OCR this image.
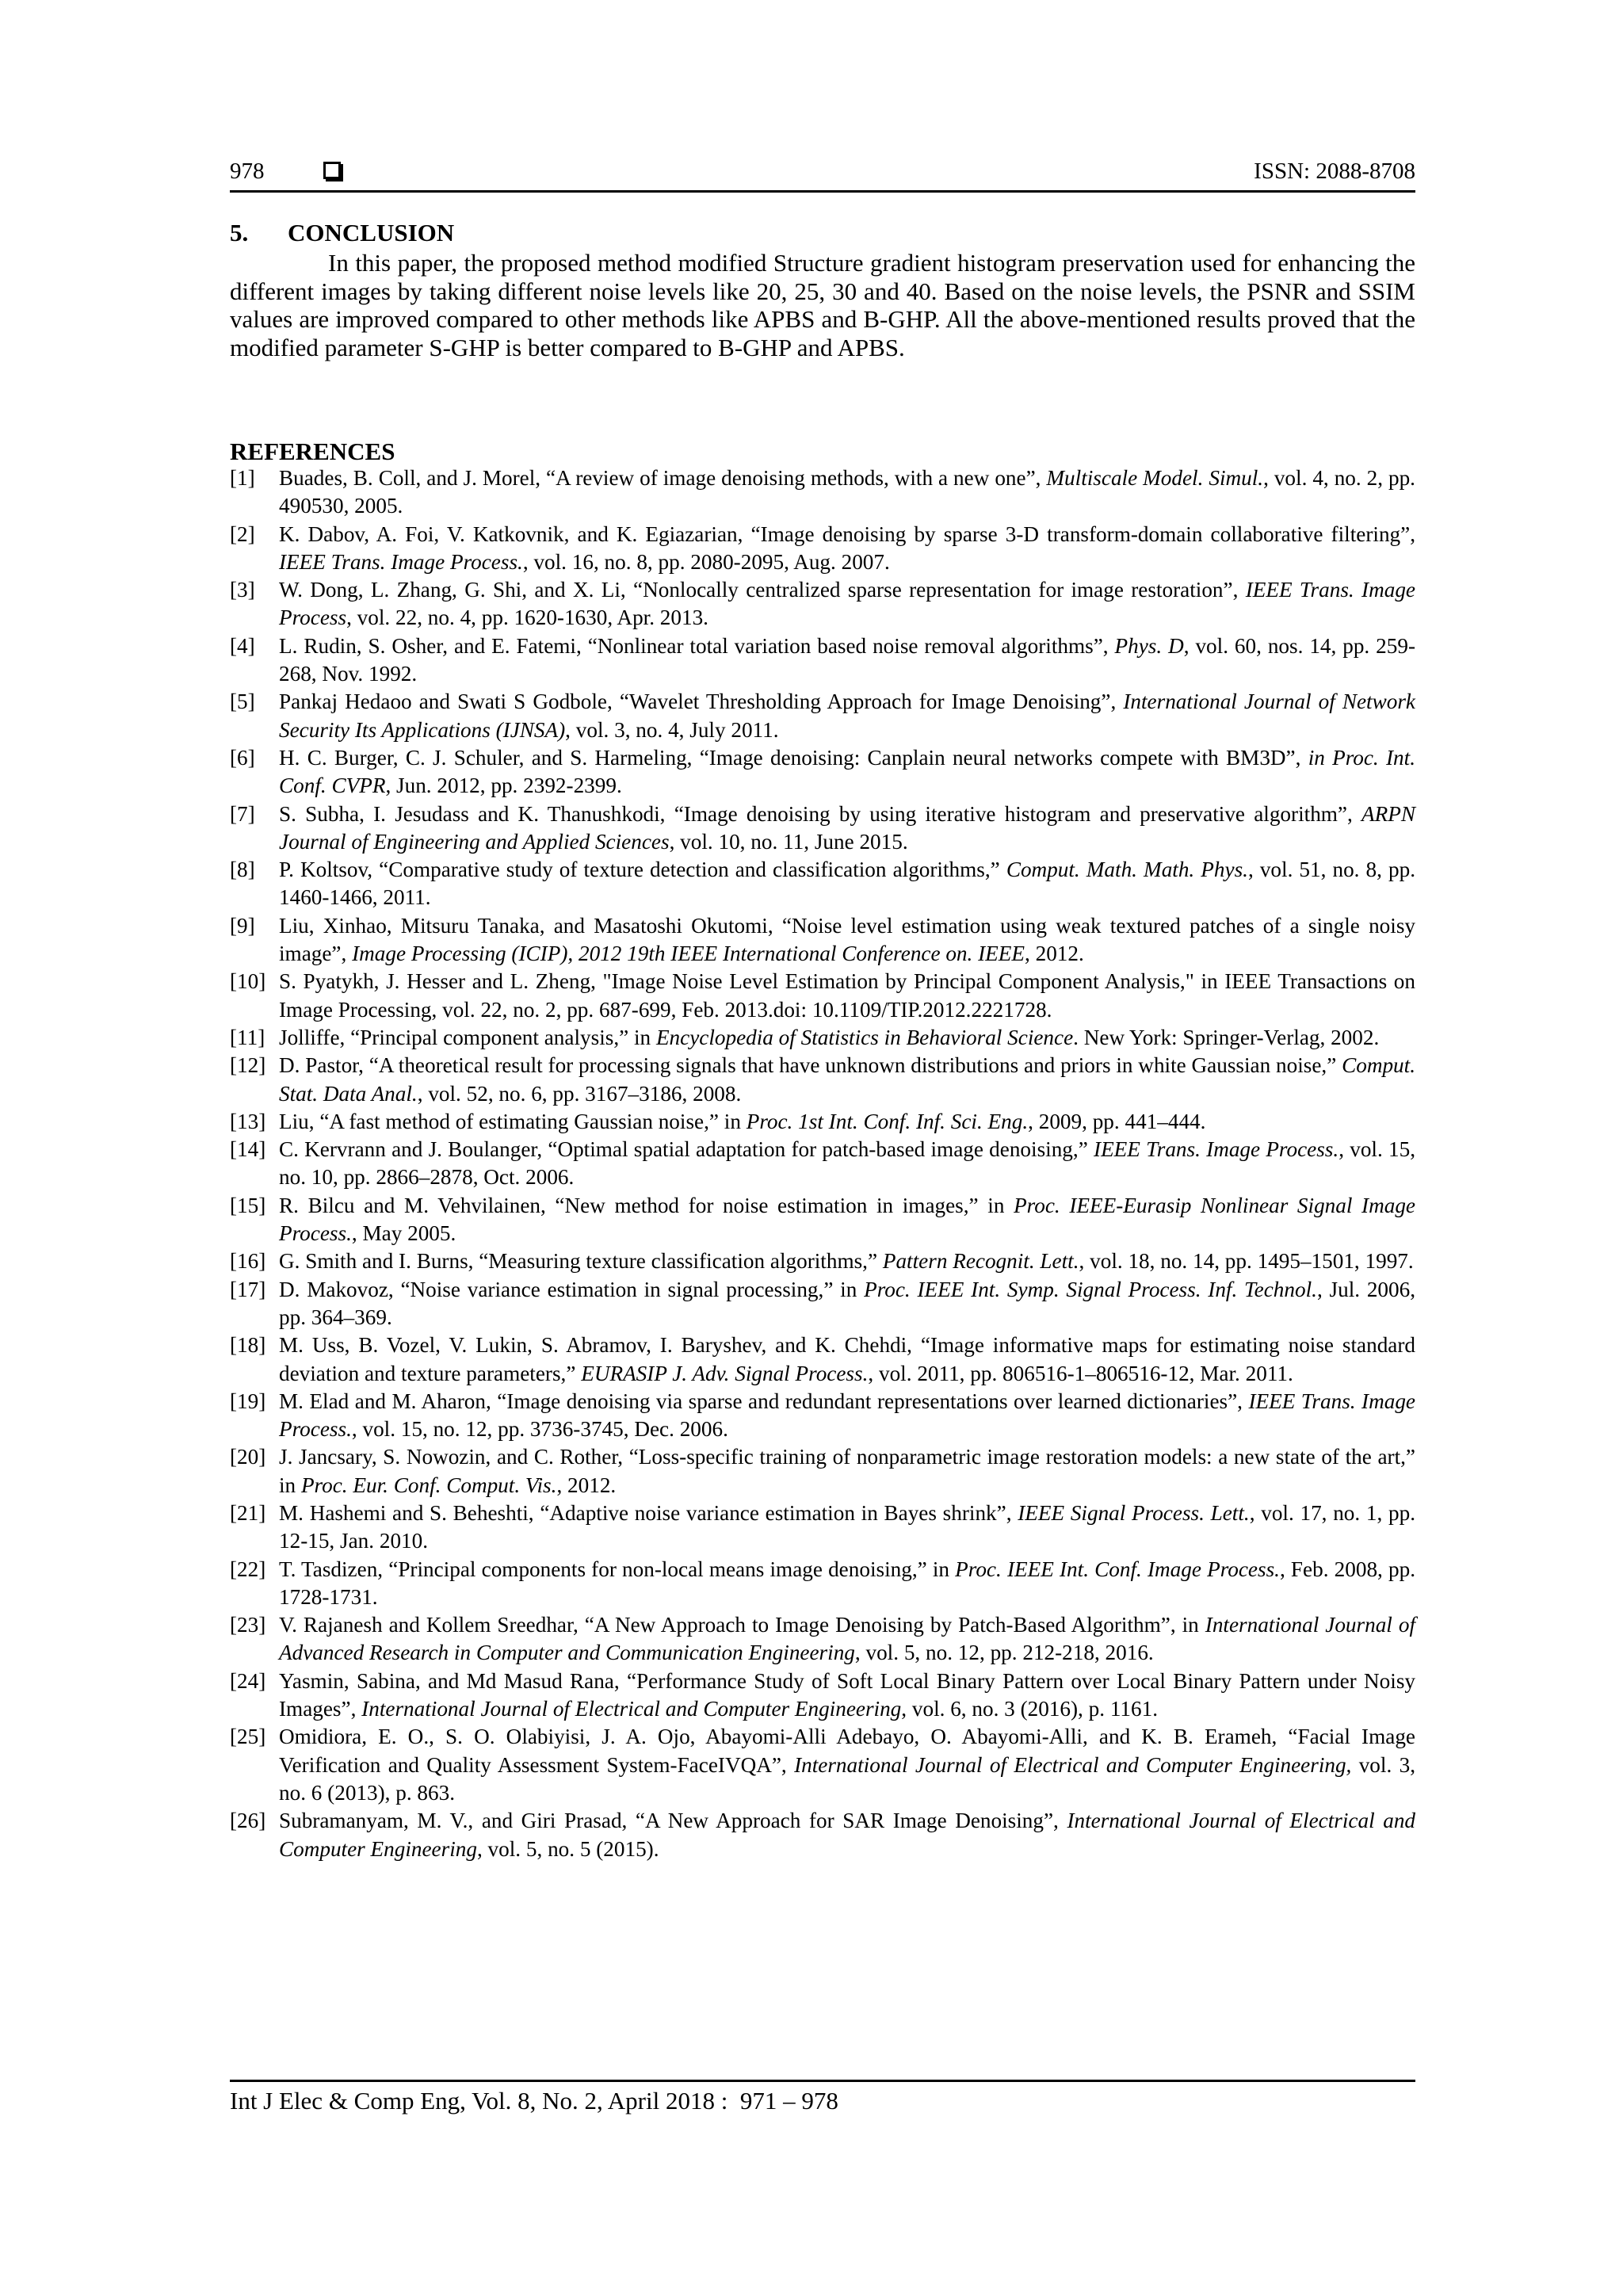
978	ISSN: 2088-8708
5. CONCLUSION

In this paper, the proposed method modified Structure gradient histogram preservation used for enhancing the different images by taking different noise levels like 20, 25, 30 and 40. Based on the noise levels, the PSNR and SSIM values are improved compared to other methods like APBS and B-GHP. All the above-mentioned results proved that the modified parameter S-GHP is better compared to B-GHP and APBS.

REFERENCES
[1] Buades, B. Coll, and J. Morel, “A review of image denoising methods, with a new one”, Multiscale Model. Simul., vol. 4, no. 2, pp. 490530, 2005.
[2] K. Dabov, A. Foi, V. Katkovnik, and K. Egiazarian, “Image denoising by sparse 3-D transform-domain collaborative filtering”, IEEE Trans. Image Process., vol. 16, no. 8, pp. 2080-2095, Aug. 2007.
[3] W. Dong, L. Zhang, G. Shi, and X. Li, “Nonlocally centralized sparse representation for image restoration”, IEEE Trans. Image Process, vol. 22, no. 4, pp. 1620-1630, Apr. 2013.
[4] L. Rudin, S. Osher, and E. Fatemi, “Nonlinear total variation based noise removal algorithms”, Phys. D, vol. 60, nos. 14, pp. 259-268, Nov. 1992.
[5] Pankaj Hedaoo and Swati S Godbole, “Wavelet Thresholding Approach for Image Denoising”, International Journal of Network Security Its Applications (IJNSA), vol. 3, no. 4, July 2011.
[6] H. C. Burger, C. J. Schuler, and S. Harmeling, “Image denoising: Canplain neural networks compete with BM3D”, in Proc. Int. Conf. CVPR, Jun. 2012, pp. 2392-2399.
[7] S. Subha, I. Jesudass and K. Thanushkodi, “Image denoising by using iterative histogram and preservative algorithm”, ARPN Journal of Engineering and Applied Sciences, vol. 10, no. 11, June 2015.
[8] P. Koltsov, “Comparative study of texture detection and classification algorithms,” Comput. Math. Math. Phys., vol. 51, no. 8, pp. 1460-1466, 2011.
[9] Liu, Xinhao, Mitsuru Tanaka, and Masatoshi Okutomi, “Noise level estimation using weak textured patches of a single noisy image”, Image Processing (ICIP), 2012 19th IEEE International Conference on. IEEE, 2012.
[10] S. Pyatykh, J. Hesser and L. Zheng, "Image Noise Level Estimation by Principal Component Analysis," in IEEE Transactions on Image Processing, vol. 22, no. 2, pp. 687-699, Feb. 2013.doi: 10.1109/TIP.2012.2221728.
[11] Jolliffe, “Principal component analysis,” in Encyclopedia of Statistics in Behavioral Science. New York: Springer-Verlag, 2002.
[12] D. Pastor, “A theoretical result for processing signals that have unknown distributions and priors in white Gaussian noise,” Comput. Stat. Data Anal., vol. 52, no. 6, pp. 3167–3186, 2008.
[13] Liu, “A fast method of estimating Gaussian noise,” in Proc. 1st Int. Conf. Inf. Sci. Eng., 2009, pp. 441–444.
[14] C. Kervrann and J. Boulanger, “Optimal spatial adaptation for patch-based image denoising,” IEEE Trans. Image Process., vol. 15, no. 10, pp. 2866–2878, Oct. 2006.
[15] R. Bilcu and M. Vehvilainen, “New method for noise estimation in images,” in Proc. IEEE-Eurasip Nonlinear Signal Image Process., May 2005.
[16] G. Smith and I. Burns, “Measuring texture classification algorithms,” Pattern Recognit. Lett., vol. 18, no. 14, pp. 1495–1501, 1997.
[17] D. Makovoz, “Noise variance estimation in signal processing,” in Proc. IEEE Int. Symp. Signal Process. Inf. Technol., Jul. 2006, pp. 364–369.
[18] M. Uss, B. Vozel, V. Lukin, S. Abramov, I. Baryshev, and K. Chehdi, “Image informative maps for estimating noise standard deviation and texture parameters,” EURASIP J. Adv. Signal Process., vol. 2011, pp. 806516-1–806516-12, Mar. 2011.
[19] M. Elad and M. Aharon, “Image denoising via sparse and redundant representations over learned dictionaries”, IEEE Trans. Image Process., vol. 15, no. 12, pp. 3736-3745, Dec. 2006.
[20] J. Jancsary, S. Nowozin, and C. Rother, “Loss-specific training of nonparametric image restoration models: a new state of the art,” in Proc. Eur. Conf. Comput. Vis., 2012.
[21] M. Hashemi and S. Beheshti, “Adaptive noise variance estimation in Bayes shrink”, IEEE Signal Process. Lett., vol. 17, no. 1, pp. 12-15, Jan. 2010.
[22] T. Tasdizen, “Principal components for non-local means image denoising,” in Proc. IEEE Int. Conf. Image Process., Feb. 2008, pp. 1728-1731.
[23] V. Rajanesh and Kollem Sreedhar, “A New Approach to Image Denoising by Patch-Based Algorithm”, in International Journal of Advanced Research in Computer and Communication Engineering, vol. 5, no. 12, pp. 212-218, 2016.
[24] Yasmin, Sabina, and Md Masud Rana, “Performance Study of Soft Local Binary Pattern over Local Binary Pattern under Noisy Images”, International Journal of Electrical and Computer Engineering, vol. 6, no. 3 (2016), p. 1161.
[25] Omidiora, E. O., S. O. Olabiyisi, J. A. Ojo, Abayomi-Alli Adebayo, O. Abayomi-Alli, and K. B. Erameh, “Facial Image Verification and Quality Assessment System-FaceIVQA”, International Journal of Electrical and Computer Engineering, vol. 3, no. 6 (2013), p. 863.
[26] Subramanyam, M. V., and Giri Prasad, “A New Approach for SAR Image Denoising”, International Journal of Electrical and Computer Engineering, vol. 5, no. 5 (2015).
Int J Elec & Comp Eng, Vol. 8, No. 2, April 2018 :  971 – 978
